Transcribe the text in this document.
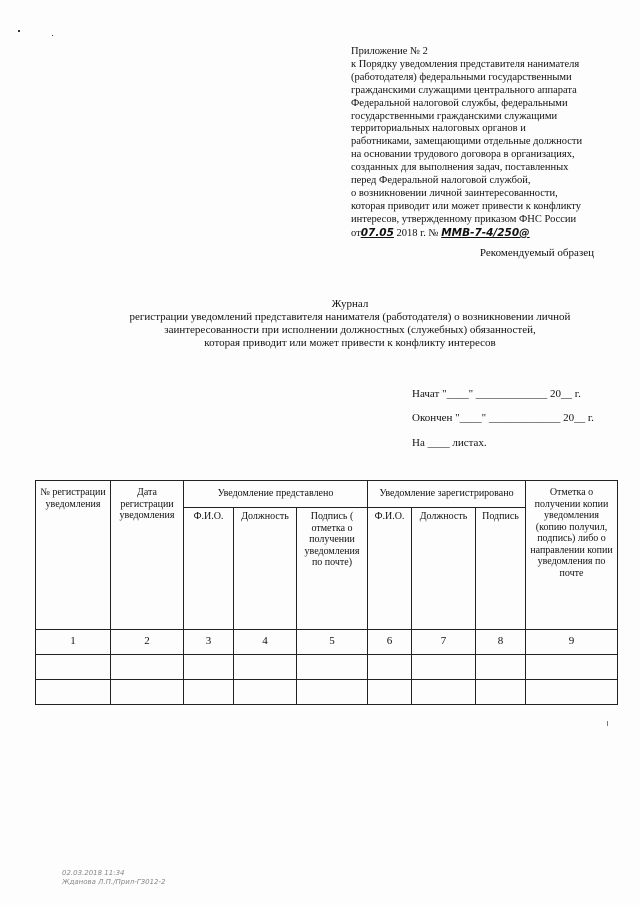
Приложение № 2
к Порядку уведомления представителя нанимателя
(работодателя) федеральными государственными
гражданскими служащими центрального аппарата
Федеральной налоговой службы, федеральными
государственными гражданскими служащими
территориальных налоговых органов и
работниками, замещающими отдельные должности
на основании трудового договора в организациях,
созданных для выполнения задач, поставленных
перед Федеральной налоговой службой,
о возникновении личной заинтересованности,
которая приводит или может привести к конфликту
интересов, утвержденному приказом ФНС России
от07.05 2018 г. № ММВ-7-4/250@
Рекомендуемый образец
Журнал
регистрации уведомлений представителя нанимателя (работодателя) о возникновении личной
заинтересованности при исполнении должностных (служебных) обязанностей,
которая приводит или может привести к конфликту интересов
Начат "____" _____________ 20__ г.
Окончен "____" _____________ 20__ г.
На ____ листах.
№ регистрации уведомления	Дата регистрации уведомления	Уведомление представлено			Уведомление зарегистрировано			Отметка о получении копии уведомления (копию получил, подпись) либо о направлении копии уведомления по почте
		Ф.И.О.	Должность	Подпись ( отметка о получении уведомления по почте)	Ф.И.О.	Должность	Подпись	
1	2	3	4	5	6	7	8	9

02.03.2018 11:34
Жданова Л.П./Прил-ГЗ012-2
